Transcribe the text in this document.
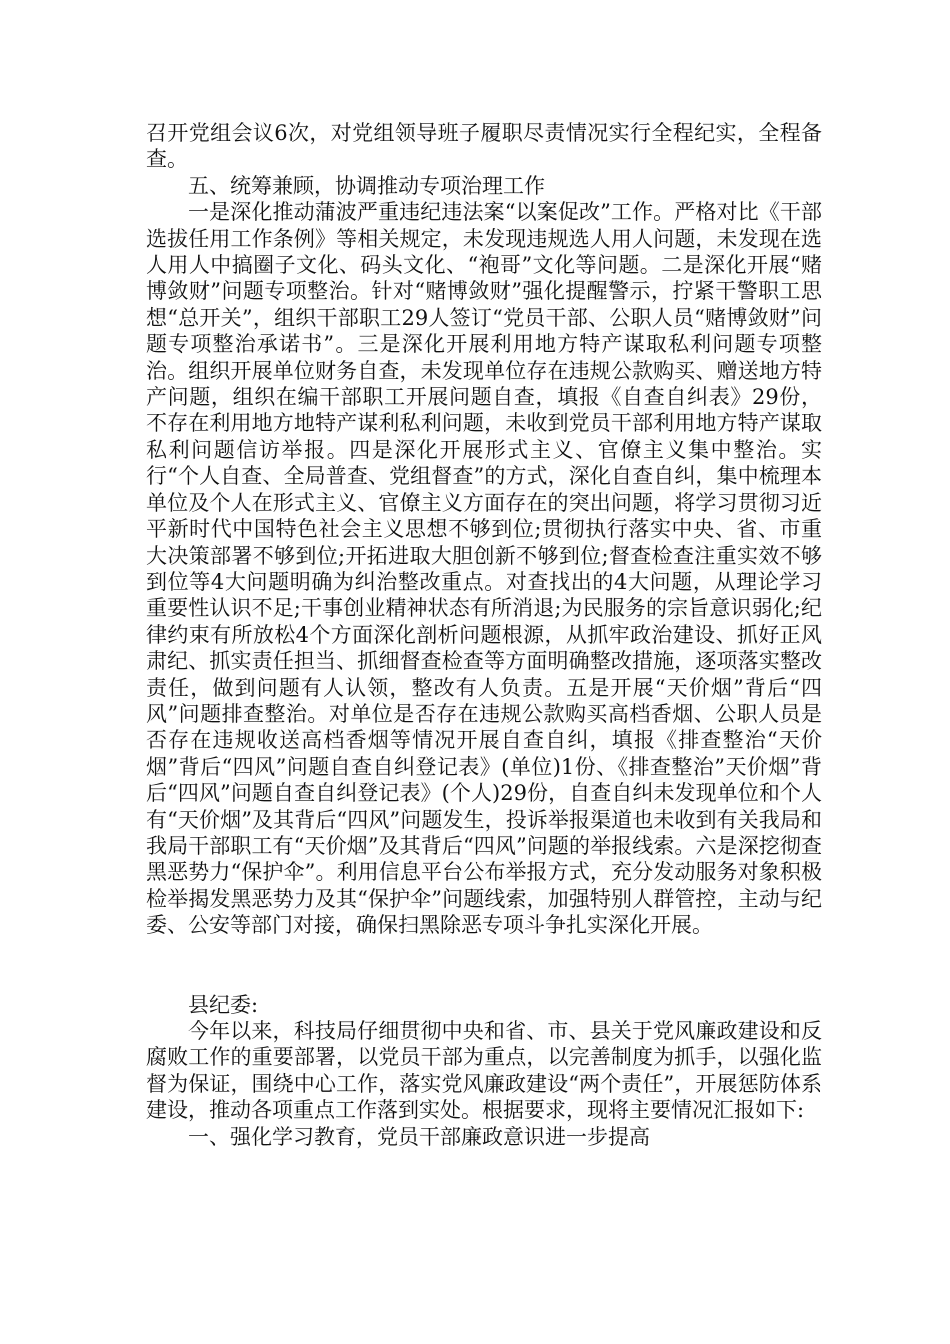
召开党组会议6次，对党组领导班子履职尽责情况实行全程纪实，全程备查。

五、统筹兼顾，协调推动专项治理工作

一是深化推动蒲波严重违纪违法案“以案促改”工作。严格对比《干部选拔任用工作条例》等相关规定，未发现违规选人用人问题，未发现在选人用人中搞圈子文化、码头文化、“袍哥”文化等问题。二是深化开展“赌博敛财”问题专项整治。针对“赌博敛财”强化提醒警示，拧紧干警职工思想“总开关”，组织干部职工29人签订“党员干部、公职人员“赌博敛财”问题专项整治承诺书”。三是深化开展利用地方特产谋取私利问题专项整治。组织开展单位财务自查，未发现单位存在违规公款购买、赠送地方特产问题，组织在编干部职工开展问题自查，填报《自查自纠表》29份，不存在利用地方地特产谋利私利问题，未收到党员干部利用地方特产谋取私利问题信访举报。四是深化开展形式主义、官僚主义集中整治。实行“个人自查、全局普查、党组督查”的方式，深化自查自纠，集中梳理本单位及个人在形式主义、官僚主义方面存在的突出问题，将学习贯彻习近平新时代中国特色社会主义思想不够到位;贯彻执行落实中央、省、市重大决策部署不够到位;开拓进取大胆创新不够到位;督查检查注重实效不够到位等4大问题明确为纠治整改重点。对查找出的4大问题，从理论学习重要性认识不足;干事创业精神状态有所消退;为民服务的宗旨意识弱化;纪律约束有所放松4个方面深化剖析问题根源，从抓牢政治建设、抓好正风肃纪、抓实责任担当、抓细督查检查等方面明确整改措施，逐项落实整改责任，做到问题有人认领，整改有人负责。五是开展“天价烟”背后“四风”问题排查整治。对单位是否存在违规公款购买高档香烟、公职人员是否存在违规收送高档香烟等情况开展自查自纠，填报《排查整治“天价烟”背后“四风”问题自查自纠登记表》(单位)1份、《排查整治”天价烟”背后“四风”问题自查自纠登记表》(个人)29份，自查自纠未发现单位和个人有“天价烟”及其背后“四风”问题发生，投诉举报渠道也未收到有关我局和我局干部职工有“天价烟”及其背后“四风”问题的举报线索。六是深挖彻查黑恶势力“保护伞”。利用信息平台公布举报方式，充分发动服务对象积极检举揭发黑恶势力及其“保护伞”问题线索，加强特别人群管控，主动与纪委、公安等部门对接，确保扫黑除恶专项斗争扎实深化开展。

县纪委:

今年以来，科技局仔细贯彻中央和省、市、县关于党风廉政建设和反腐败工作的重要部署，以党员干部为重点，以完善制度为抓手，以强化监督为保证，围绕中心工作，落实党风廉政建设“两个责任”，开展惩防体系建设，推动各项重点工作落到实处。根据要求，现将主要情况汇报如下:

一、强化学习教育，党员干部廉政意识进一步提高
